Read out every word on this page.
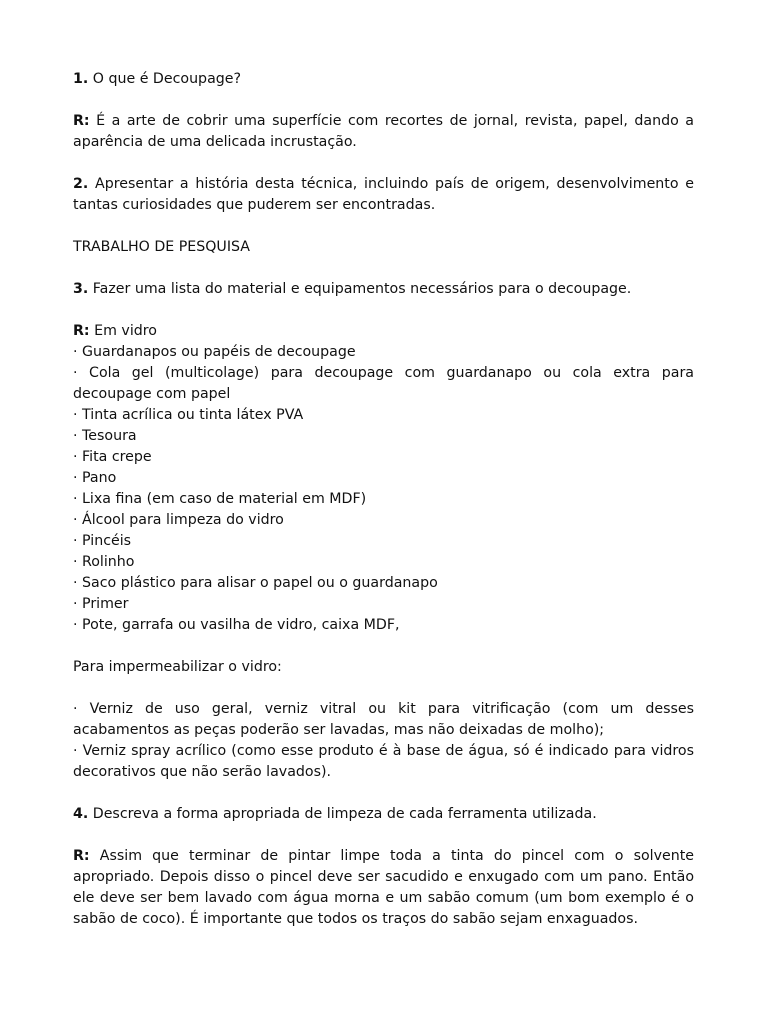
1. O que é Decoupage?

R: É a arte de cobrir uma superfície com recortes de jornal, revista, papel, dando a aparência de uma delicada incrustação.

2. Apresentar a história desta técnica, incluindo país de origem, desenvolvimento e tantas curiosidades que puderem ser encontradas.

TRABALHO DE PESQUISA

3. Fazer uma lista do material e equipamentos necessários para o decoupage.

R: Em vidro

· Guardanapos ou papéis de decoupage

· Cola gel (multicolage) para decoupage com guardanapo ou cola extra para decoupage com papel

· Tinta acrílica ou tinta látex PVA

· Tesoura

· Fita crepe

· Pano

· Lixa fina (em caso de material em MDF)

· Álcool para limpeza do vidro

· Pincéis

· Rolinho

· Saco plástico para alisar o papel ou o guardanapo

· Primer

· Pote, garrafa ou vasilha de vidro, caixa MDF,

Para impermeabilizar o vidro:

· Verniz de uso geral, verniz vitral ou kit para vitrificação (com um desses acabamentos as peças poderão ser lavadas, mas não deixadas de molho);

· Verniz spray acrílico (como esse produto é à base de água, só é indicado para vidros decorativos que não serão lavados).

4. Descreva a forma apropriada de limpeza de cada ferramenta utilizada.

R: Assim que terminar de pintar limpe toda a tinta do pincel com o solvente apropriado. Depois disso o pincel deve ser sacudido e enxugado com um pano. Então ele deve ser bem lavado com água morna e um sabão comum (um bom exemplo é o sabão de coco). É importante que todos os traços do sabão sejam enxaguados.
